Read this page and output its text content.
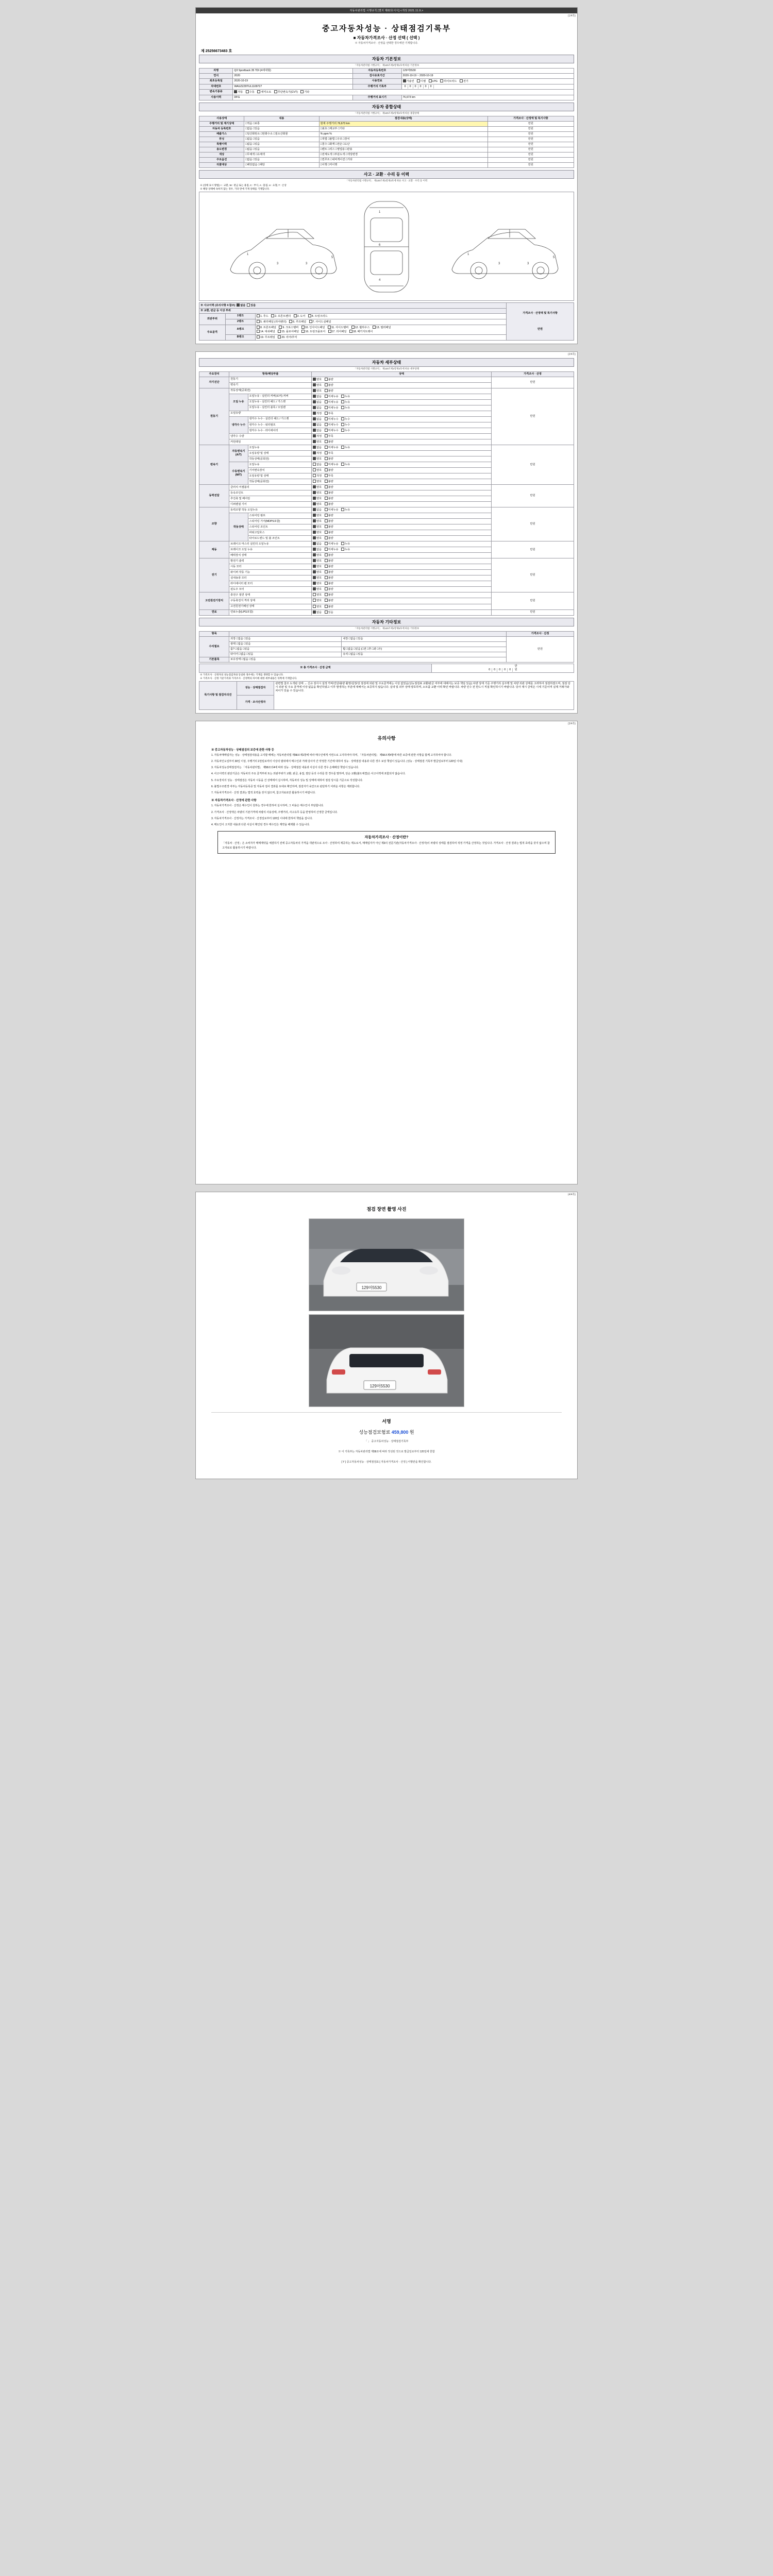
자동차관리법 시행규칙 [별지 제82호서식] <개정 2021.11.9.>
(1/4쪽)
중고자동차성능 · 상태점검기록부
■ 자동차가격조사 · 산정 선택 ( 선택 )
※ 자동차가격조사 · 산정을 선택한 경우에만 기재합니다.
제 25256673483 호
자동차 기본정보
「자동차관리법 시행규칙」 제120조제1항제1호에 따른 기본정보
차명	Q3 Sportback 35 TDI (4세대형)	자동차등록번호	129머5530
연식	2020	검사유효기간	2020-10-19 ~ 2020-10-19
최초등록일	2020-10-19	사용연료	가솔린 디젤 LPG 하이브리드 전기
차대번호	WAUZZZ8TUL1109727	주행거리 기록부	0 0 0 0 0 0
변속기종류	자동 수동 세미오토 무단변속기(CVT) 기타		
사용이력	DFG	주행거리 표시기	76,673 km
자동차 종합상태
「자동차관리법 시행규칙」 제120조제1항제2호에 따른 종합상태
사용상태	내용	점검내용(상태)	가격조사 · 산정액 및 특기사항
주행거리 및 계기상태	□적음 □보통	현재 주행거리 76,673 km	만원
자동차 등록번호	□없음 □있음	□최초 □재교부 □기타	만원
배출가스	□일산화탄소 □탄화수소 □질소산화물	% ppm %	만원
튜닝	□없음 □있음	□적법 □불법 □구조 □장치	만원
특별이력	□없음 □있음	□침수 □화재 □전손 □도난	만원
용도변경	□없음 □있음	□렌트 □리스 □영업용 □관용	만원
색상	□무채색 □유채색	□전체도색 □부분도색 □색상변경	만원
주요옵션	□없음 □있음	□썬루프 □내비게이션 □기타	만원
리콜대상	□해당없음 □해당	□이행 □미이행	만원
사고 · 교환 · 수리 등 이력
「자동차관리법 시행규칙」 제120조제1항제3호에 따른 사고 · 교환 · 수리 등 이력
※ (상태 표시 방법) × : 교환, W : 판금 또는 용접, C : 부식, A : 흠집, U : 요철, T : 손상
※ 해당 상태에 속하지 않는 경우, 기타 란에 기재 상태를 기재합니다.
1
3	3
5
1
6
4
1
3	3
5
※ 사고이력 (유의사항 4 참조) 없음 있음			가격조사 · 산정액 및 특기사항
만원

※ 교환, 판금 등 이상 부위			
외판부위	1랭크	1. 후드 2. 프론트펜더 3. 도어 4. 트렁크리드	
	2랭크	5. 쿼터패널 (리어펜더) 6. 루프패널 7. 사이드실패널	
주요골격	A랭크	8. 프론트패널 9. 크로스멤버 10. 인사이드패널 11. 사이드멤버 12. 휠하우스 13. 필러패널
14. 대쉬패널 15. 플로어패널 16. 트렁크플로어 17. 리어패널 18. 패키지트레이	
	B랭크	19. 루프레일 20. 리어/후미	
(2/4쪽)
자동차 세부상태
「자동차관리법 시행규칙」 제120조제1항제4호에 따른 세부상태
주요장치	항목/해당부품		상태	가격조사 · 산정
자기진단	원동기		양호 불량	만원
	변속기		양호 불량	
원동기	작동상태(공회전)		양호 불량	만원
	오일 누유	오일누유 - 실린더 커버(로커) 커버	없음 미세누유 누유	
		오일누유 - 실린더 헤드 / 가스켓	없음 미세누유 누유	
		오일누유 - 실린더 블록 / 오일팬	없음 미세누유 누유	
	오일유량		적정 부족	
	냉각수 누수	냉각수 누수 - 실린더 헤드 / 가스켓	없음 미세누수 누수	
		냉각수 누수 - 워터펌프	없음 미세누수 누수	
		냉각수 누수 - 라디에이터	없음 미세누수 누수	
	냉각수 수량		적정 부족	
	커먼레일		양호 불량	
변속기	자동변속기
(A/T)	오일누유	없음 미세누유 누유	만원
		오일유량 및 상태	적정 부족	
		작동상태(공회전)	양호 불량	
	수동변속기
(M/T)	오일누유	없음 미세누유 누유	
		기어변속장치	양호 불량	
		오일유량 및 상태	적정 부족	
		작동상태(공회전)	양호 불량	
동력전달	클러치 어셈블리		양호 불량	만원
	등속조인트		양호 불량	
	추진축 및 베어링		양호 불량	
	디퍼렌셜 기어		양호 불량	
조향	동력조향 작동 오일누유		없음 미세누유 누유	만원
	작동상태	스티어링 펌프	양호 불량	
		스티어링 기어(MDPS포함)	양호 불량	
		스티어링 조인트	양호 불량	
		파워고압호스	양호 불량	
		타이로드엔드 및 볼 조인트	양호 불량	
제동	브레이크 마스터 실린더 오일누유		없음 미세누유 누유	만원
	브레이크 오일 누유		없음 미세누유 누유	
	배력장치 상태		양호 불량	
전기	발전기 출력		양호 불량	만원
	시동 모터		양호 불량	
	와이퍼 작동 기능		양호 불량	
	실내송풍 모터		양호 불량	
	라디에이터 팬 모터		양호 불량	
	윈도우 모터		양호 불량	
고전원전기장치	충전구 절연 상태		양호 불량	만원
	구동축전지 격리 상태		양호 불량	
	고전원전기배선 상태		양호 불량	
연료	연료누출(LPG포함)		없음 있음	만원
자동차 기타정보
「자동차관리법 시행규칙」 제120조제1항제5호에 따른 기타정보
항목			가격조사 · 산정
수리필요	외장 □없음 □있음	내장 □없음 □있음	만원
	광택 □없음 □있음		
	룸? □없음 □있음	휠 □없음 □있음 (□전 □후 □좌 □우)	
	타이어 □없음 □있음	유리 □없음 □있음	
기본품목	보유상태 □없음 □있음		
※ 총 가격조사 · 산정 금액	0 0 0 0 0 만원
※ 가격조사 · 산정자의 성능점검자와 동일한 경우에는 기재를 생략할 수 있습니다.
※ 가격조사 · 산정 기준가격과 가격조사 · 산정액의 차이에 대한 세부내용은 뒤쪽에 기재합니다.
특기사항 및 점검자의견	성능 · 상태점검자	관련법 참조 도색판 상태 → 신규 검사시 설정 카버/진단/불량 촬영/설정/상 점검에 외판 및 주요골격에는 이상 없었음(성능점검표 교환/판금 여부에 대해서는 보증 책임 있음) 차량 상태 기준 주행거리 실주행 및 차량 외관 상태를 고려하여 점검하였으며, 점검 당시 외판 및 주요 골격에 이상 없음을 확인하였고 이후 발생하는 부분에 대해서는 보증하지 않습니다. 실내 및 외부 상태 양호하며, 소모품 교환 이력 확인 바랍니다. 차량 인수 전 반드시 직접 확인하시기 바랍니다. 당사 제시 금액은 시세 기준이며 실제 거래가와 차이가 있을 수 있습니다.
가격 · 조사산정자
(3/4쪽)
유의사항
※ 중고자동차성능 · 상태점검의 보증에 관한 사항 등

1. 자동차매매업자는 성능 · 상태점검내용을 고지할 때에는 자동차관리법 제58조제1항에 따라 매수인에게 서면으로 고지하여야 하며, 「자동차관리법」 제58조제4항에 따른 보증에 관한 사항을 함께 고지하여야 합니다.

2. 자동차인도일부터 30일 이상, 주행거리 2천킬로미터 이상의 범위에서 매수인과 거래 당사자 간 약정한 기간에 대하여 성능 · 상태점검 내용과 다른 경우 보상 책임이 있습니다. (성능 · 상태점검 기록부 발급일로부터 120일 이내)

3. 자동차성능상태점검자는 「자동차관리법」 제58조의4에 따라 성능 · 상태점검 내용과 사실이 다른 경우 손해배상 책임이 있습니다.

4. 사고이력의 판단기준은 자동차의 주요 골격부위 또는 외판부위가 교환, 판금, 용접, 절단 등의 수리를 한 경우를 말하며, 단순 교환(볼트체결)은 사고이력에 포함되지 않습니다.

5. 주요장치의 성능 · 상태점검은 자동차 시동을 건 상태에서 실시하며, 자동차의 성능 및 상태에 대하여 점검 당시를 기준으로 작성합니다.

6. 불법구조변경 여부는 자동차등록증 및 자동차 검사 결과를 토대로 확인하며, 점검자가 육안으로 판단하기 어려운 사항은 제외합니다.

7. 자동차가격조사 · 산정 결과는 법적 효력을 갖지 않으며, 참고자료로만 활용하시기 바랍니다.

※ 자동차가격조사 · 산정에 관한 사항

1. 자동차가격조사 · 산정은 매수인이 원하는 경우에 한하여 실시하며, 그 비용은 매수인이 부담합니다.

2. 가격조사 · 산정액은 차량의 기본가격에 차량의 사용상태, 주행거리, 사고유무 등을 반영하여 산정한 금액입니다.

3. 자동차가격조사 · 산정자는 가격조사 · 산정일로부터 120일 이내에 한하여 책임을 집니다.

4. 매도인이 고지한 내용과 다른 사실이 확인된 경우 매수인은 계약을 해제할 수 있습니다.

자동차가격조사 · 산정이란?
「자동차 · 산정」은 소비자가 매매계약을 체결하기 전에 중고자동차의 가격을 객관적으로 조사 · 산정하여 제공하는 제도로서, 매매업자가 아닌 제3의 전문기관(자동차가격조사 · 산정자)이 차량의 상태를 점검하여 적정 가격을 산정하는 것입니다. 가격조사 · 산정 결과는 법적 효력을 갖지 않으며 참고자료로 활용하시기 바랍니다.
(4/4쪽)
점검 장면 촬영 사진
129머5530
129머5530
서명
성능점검보험료 459,800 원
「 」 중고자동차성능 · 상태점검기록부
※ 이 기록부는 자동차관리법 제58조에 따라 작성된 것으로 발급일로부터 120일에 한함
[ Y ] 중고자동차성능 · 상태점검표 [ 자동차가격조사 · 산정 ] 서명란을 확인합니다.
